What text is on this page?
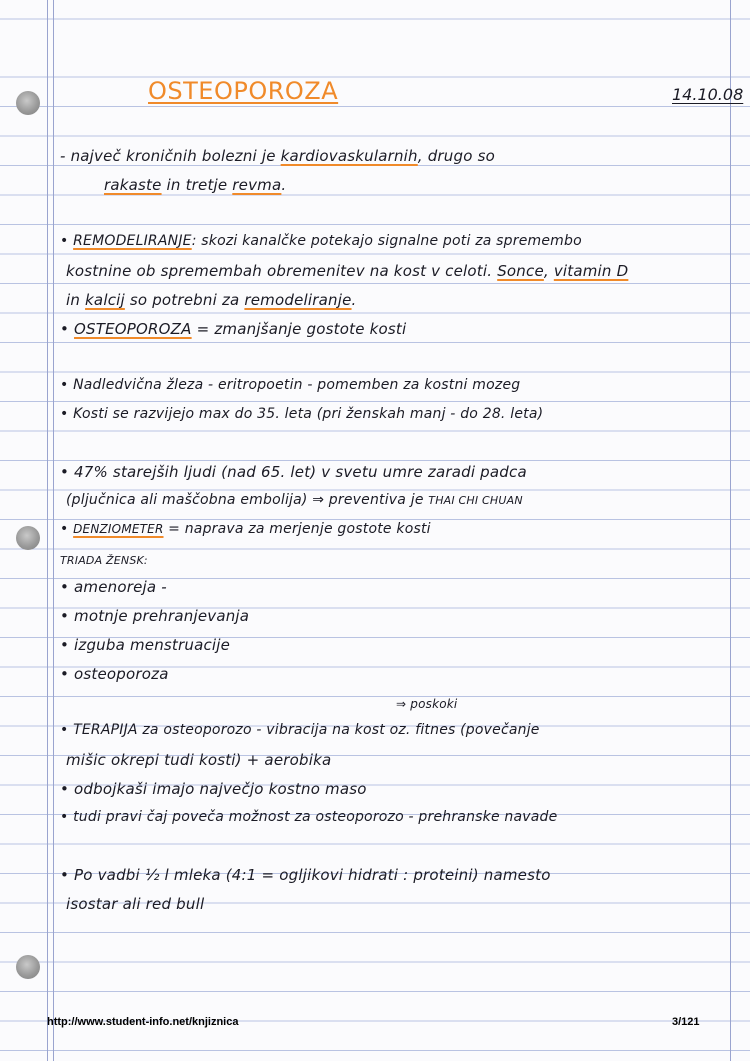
OSTEOPOROZA	14.10.08
- največ kroničnih bolezni je kardiovaskularnih, drugo so
rakaste in tretje revma.
• REMODELIRANJE: skozi kanalčke potekajo signalne poti za spremembo
kostnine ob spremembah obremenitev na kost v celoti. Sonce, vitamin D
in kalcij so potrebni za remodeliranje.
• OSTEOPOROZA = zmanjšanje gostote kosti
• Nadledvična žleza - eritropoetin - pomemben za kostni mozeg
• Kosti se razvijejo max do 35. leta (pri ženskah manj - do 28. leta)
• 47% starejših ljudi (nad 65. let) v svetu umre zaradi padca
(pljučnica ali maščobna embolija) ⇒ preventiva je THAI CHI CHUAN
• DENZIOMETER = naprava za merjenje gostote kosti
TRIADA ŽENSK:
• amenoreja -
• motnje prehranjevanja
• izguba menstruacije
• osteoporoza
⇒ poskoki
• TERAPIJA za osteoporozo - vibracija na kost oz. fitnes (povečanje
mišic okrepi tudi kosti) + aerobika
• odbojkaši imajo največjo kostno maso
• tudi pravi čaj poveča možnost za osteoporozo - prehranske navade
• Po vadbi ½ l mleka (4:1 = ogljikovi hidrati : proteini) namesto
isostar ali red bull
http://www.student-info.net/knjiznica	3/121
